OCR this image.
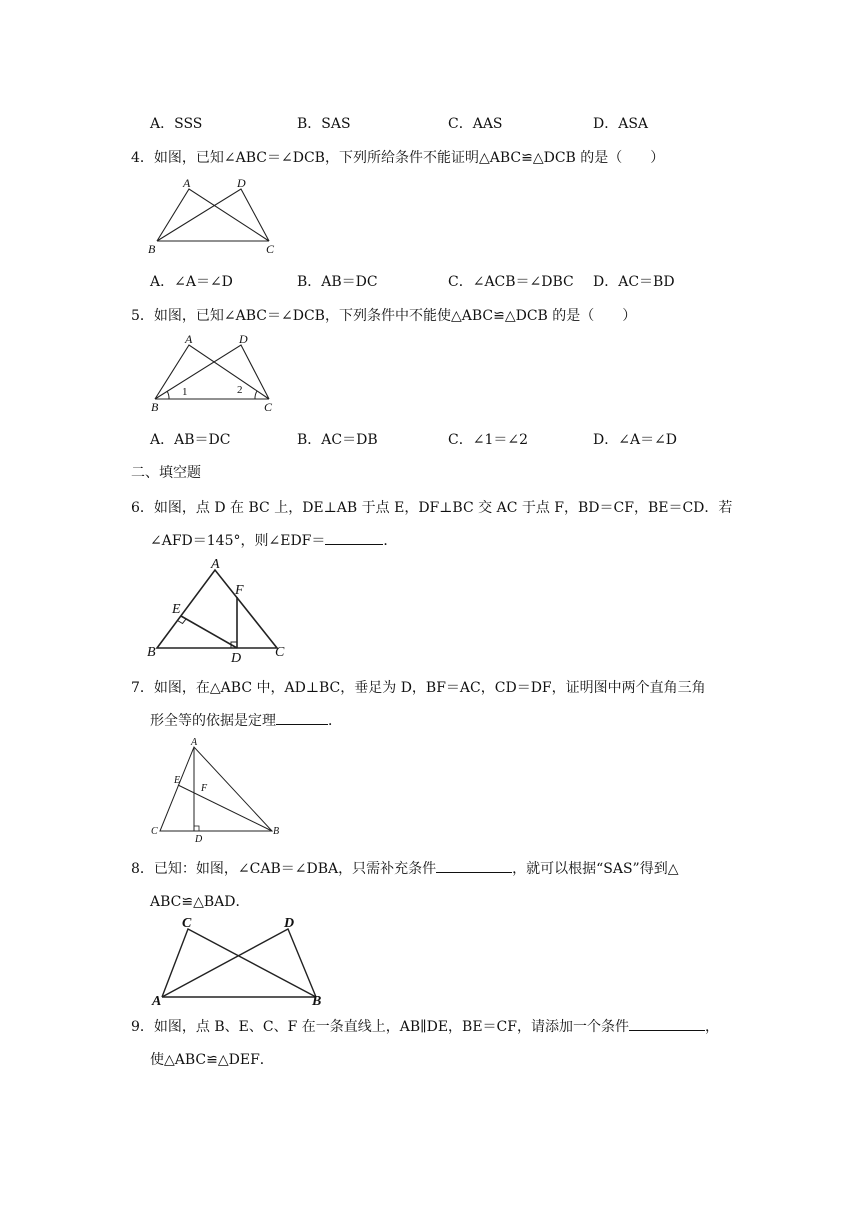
A．SSS	B．SAS	C．AAS	D．ASA
4．如图，已知∠ABC＝∠DCB，下列所给条件不能证明△ABC≌△DCB 的是（　　）
A	D
B	C
A．∠A＝∠D	B．AB＝DC	C．∠ACB＝∠DBC D．AC＝BD
5．如图，已知∠ABC＝∠DCB，下列条件中不能使△ABC≌△DCB 的是（　　）
A	D
B	C
1	2
A．AB＝DC	B．AC＝DB	C．∠1＝∠2	D．∠A＝∠D
二、填空题
6．如图，点 D 在 BC 上，DE⊥AB 于点 E，DF⊥BC 交 AC 于点 F，BD＝CF，BE＝CD．若
∠AFD＝145°，则∠EDF＝	．
A
F
E
B	D C
7．如图，在△ABC 中，AD⊥BC，垂足为 D，BF＝AC，CD＝DF，证明图中两个直角三角
形全等的依据是定理	．
A
E
F
C
D
B
8．已知：如图，∠CAB＝∠DBA，只需补充条件	，就可以根据“SAS”得到△
ABC≌△BAD．
C	D
A	B
9．如图，点 B、E、C、F 在一条直线上，AB∥DE，BE＝CF，请添加一个条件	，
使△ABC≌△DEF．
